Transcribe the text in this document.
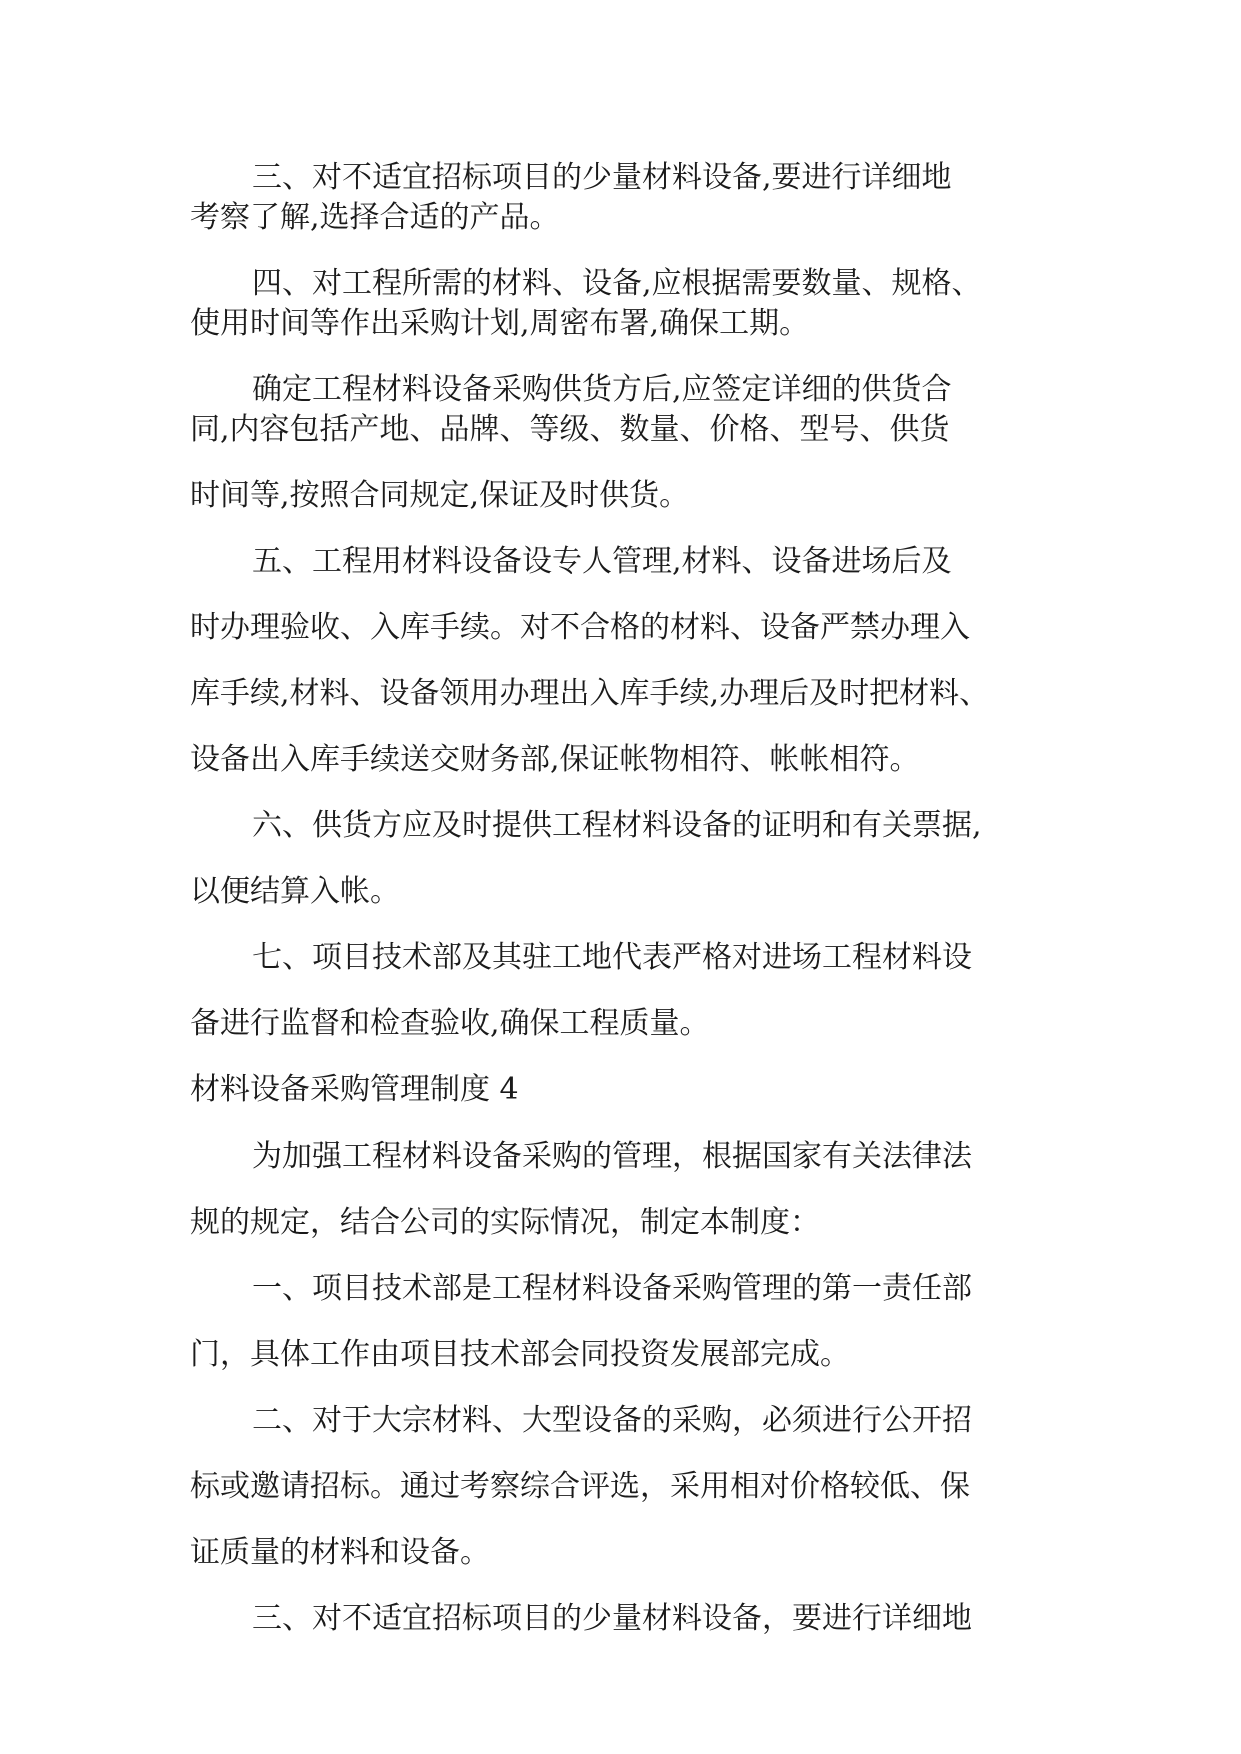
三、对不适宜招标项目的少量材料设备,要进行详细地

考察了解,选择合适的产品。

四、对工程所需的材料、设备,应根据需要数量、规格、

使用时间等作出采购计划,周密布署,确保工期。

确定工程材料设备采购供货方后,应签定详细的供货合

同,内容包括产地、品牌、等级、数量、价格、型号、供货

时间等,按照合同规定,保证及时供货。

五、工程用材料设备设专人管理,材料、设备进场后及

时办理验收、入库手续。对不合格的材料、设备严禁办理入

库手续,材料、设备领用办理出入库手续,办理后及时把材料、

设备出入库手续送交财务部,保证帐物相符、帐帐相符。

六、供货方应及时提供工程材料设备的证明和有关票据,

以便结算入帐。

七、项目技术部及其驻工地代表严格对进场工程材料设

备进行监督和检查验收,确保工程质量。

材料设备采购管理制度 4

为加强工程材料设备采购的管理，根据国家有关法律法

规的规定，结合公司的实际情况，制定本制度：

一、项目技术部是工程材料设备采购管理的第一责任部

门，具体工作由项目技术部会同投资发展部完成。

二、对于大宗材料、大型设备的采购，必须进行公开招

标或邀请招标。通过考察综合评选，采用相对价格较低、保

证质量的材料和设备。

三、对不适宜招标项目的少量材料设备，要进行详细地
